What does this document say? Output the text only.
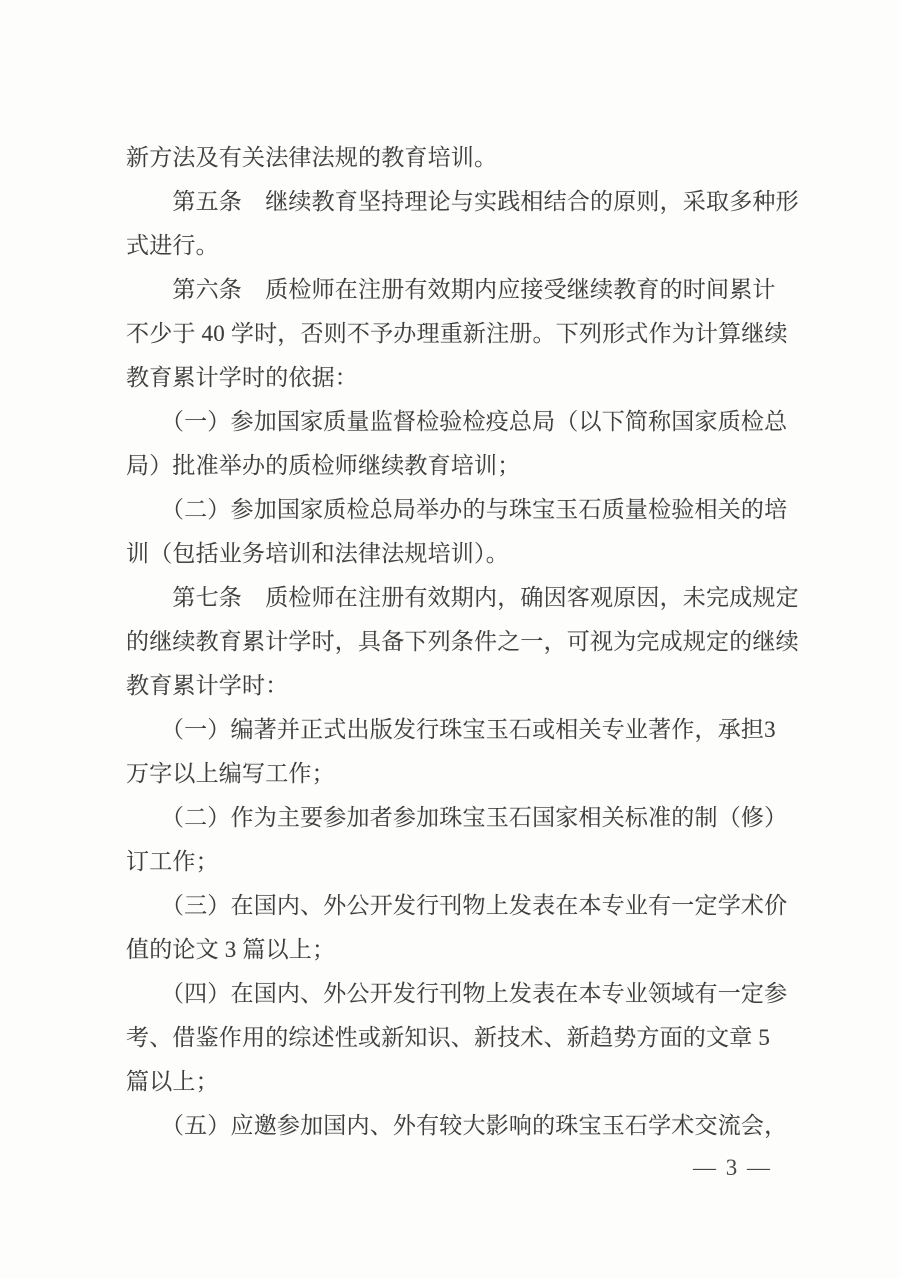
新方法及有关法律法规的教育培训。

　　第五条　继续教育坚持理论与实践相结合的原则，采取多种形

式进行。

　　第六条　质检师在注册有效期内应接受继续教育的时间累计

不少于 40 学时，否则不予办理重新注册。下列形式作为计算继续

教育累计学时的依据：

　　（一）参加国家质量监督检验检疫总局（以下简称国家质检总

局）批准举办的质检师继续教育培训；

　　（二）参加国家质检总局举办的与珠宝玉石质量检验相关的培

训（包括业务培训和法律法规培训）。

　　第七条　质检师在注册有效期内，确因客观原因，未完成规定

的继续教育累计学时，具备下列条件之一，可视为完成规定的继续

教育累计学时：

　　（一）编著并正式出版发行珠宝玉石或相关专业著作，承担3

万字以上编写工作；

　　（二）作为主要参加者参加珠宝玉石国家相关标准的制（修）

订工作；

　　（三）在国内、外公开发行刊物上发表在本专业有一定学术价

值的论文 3 篇以上；

　　（四）在国内、外公开发行刊物上发表在本专业领域有一定参

考、借鉴作用的综述性或新知识、新技术、新趋势方面的文章 5

篇以上；

　　（五）应邀参加国内、外有较大影响的珠宝玉石学术交流会，

— 3 —
